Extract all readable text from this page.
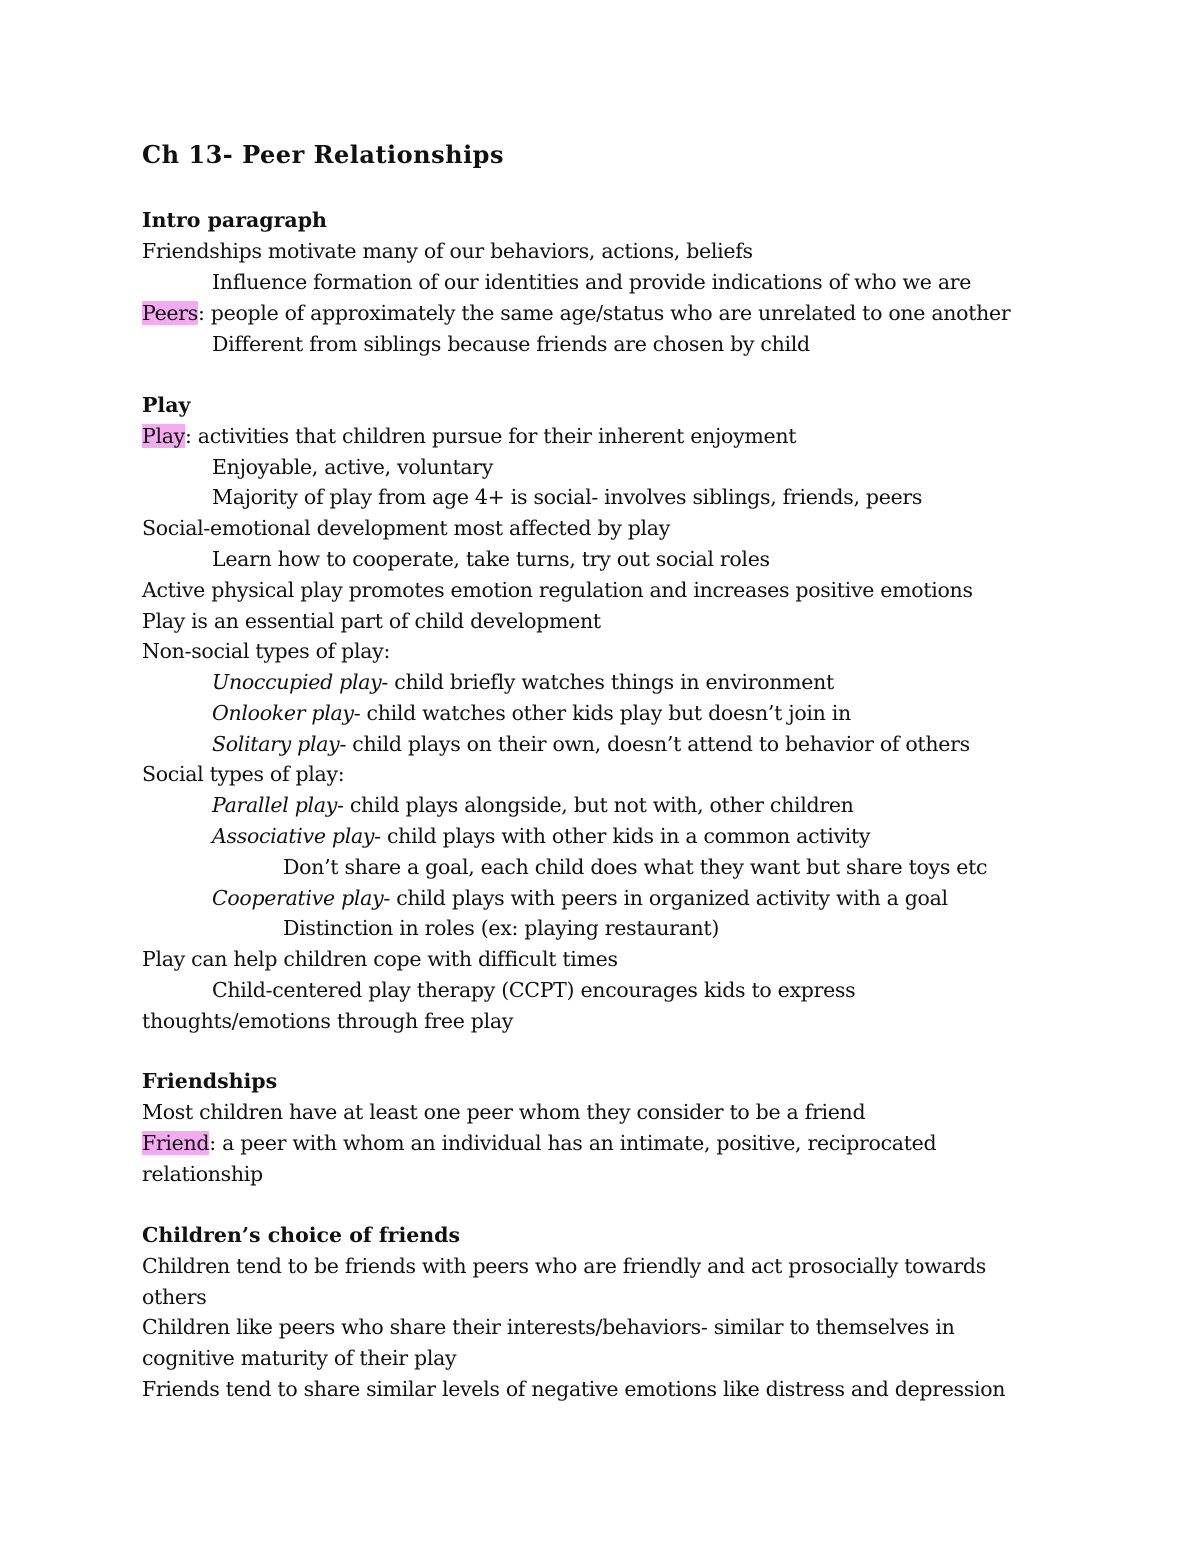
Ch 13- Peer Relationships
Intro paragraph
Friendships motivate many of our behaviors, actions, beliefs
Influence formation of our identities and provide indications of who we are
Peers: people of approximately the same age/status who are unrelated to one another
Different from siblings because friends are chosen by child
Play
Play: activities that children pursue for their inherent enjoyment
Enjoyable, active, voluntary
Majority of play from age 4+ is social- involves siblings, friends, peers
Social-emotional development most affected by play
Learn how to cooperate, take turns, try out social roles
Active physical play promotes emotion regulation and increases positive emotions
Play is an essential part of child development
Non-social types of play:
Unoccupied play- child briefly watches things in environment
Onlooker play- child watches other kids play but doesn’t join in
Solitary play- child plays on their own, doesn’t attend to behavior of others
Social types of play:
Parallel play- child plays alongside, but not with, other children
Associative play- child plays with other kids in a common activity
Don’t share a goal, each child does what they want but share toys etc
Cooperative play- child plays with peers in organized activity with a goal
Distinction in roles (ex: playing restaurant)
Play can help children cope with difficult times
Child-centered play therapy (CCPT) encourages kids to express
thoughts/emotions through free play
Friendships
Most children have at least one peer whom they consider to be a friend
Friend: a peer with whom an individual has an intimate, positive, reciprocated
relationship
Children’s choice of friends
Children tend to be friends with peers who are friendly and act prosocially towards
others
Children like peers who share their interests/behaviors- similar to themselves in
cognitive maturity of their play
Friends tend to share similar levels of negative emotions like distress and depression
